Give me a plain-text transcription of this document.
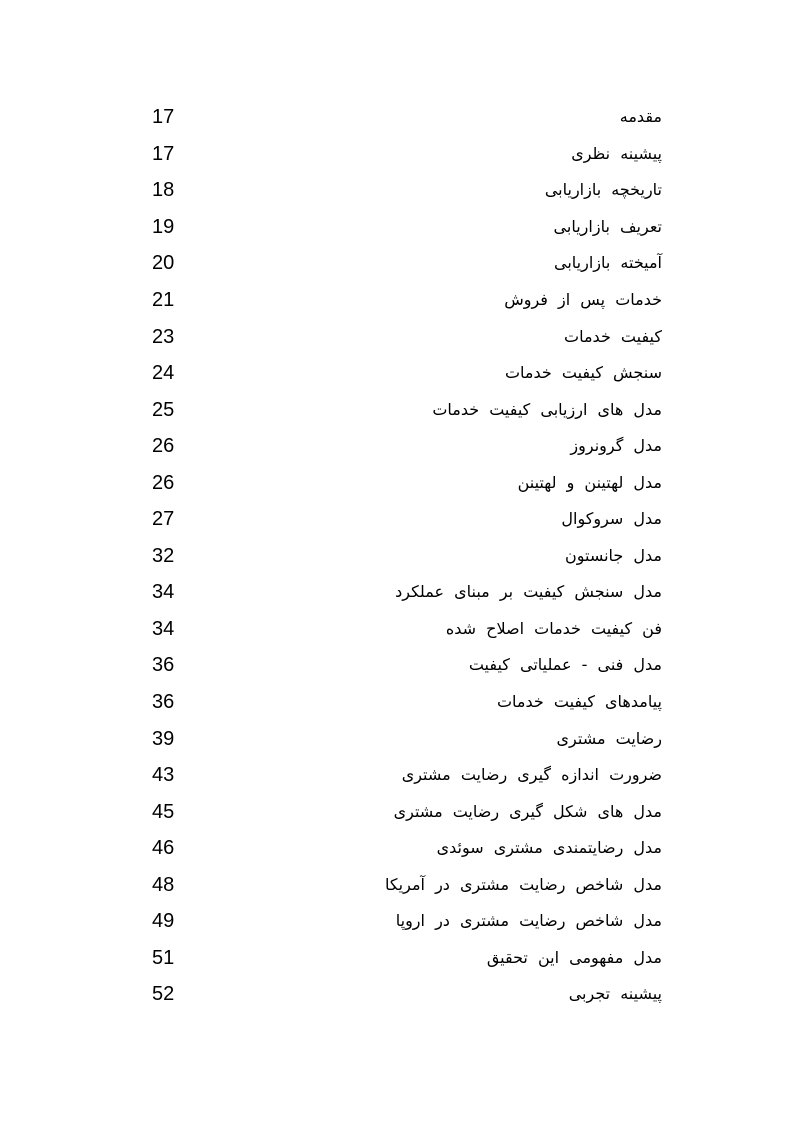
17	مقدمه
17	پیشینه نظری
18	تاریخچه بازاریابی
19	تعریف بازاریابی
20	آمیخته بازاریابی
21	خدمات پس از فروش
23	کیفیت خدمات
24	سنجش کیفیت خدمات
25	مدل های ارزیابی کیفیت خدمات
26	مدل گرونروز
26	مدل لهتینن و لهتینن
27	مدل سروکوال
32	مدل جانستون
34	مدل سنجش کیفیت بر مبنای عملکرد
34	فن کیفیت خدمات اصلاح شده
36	مدل فنی - عملیاتی کیفیت
36	پیامدهای کیفیت خدمات
39	رضایت مشتری
43	ضرورت اندازه گیری رضایت مشتری
45	مدل های شکل گیری رضایت مشتری
46	مدل رضایتمندی مشتری سوئدی
48	مدل شاخص رضایت مشتری در آمریکا
49	مدل شاخص رضایت مشتری در اروپا
51	مدل مفهومی این تحقیق
52	پیشینه تجربی
